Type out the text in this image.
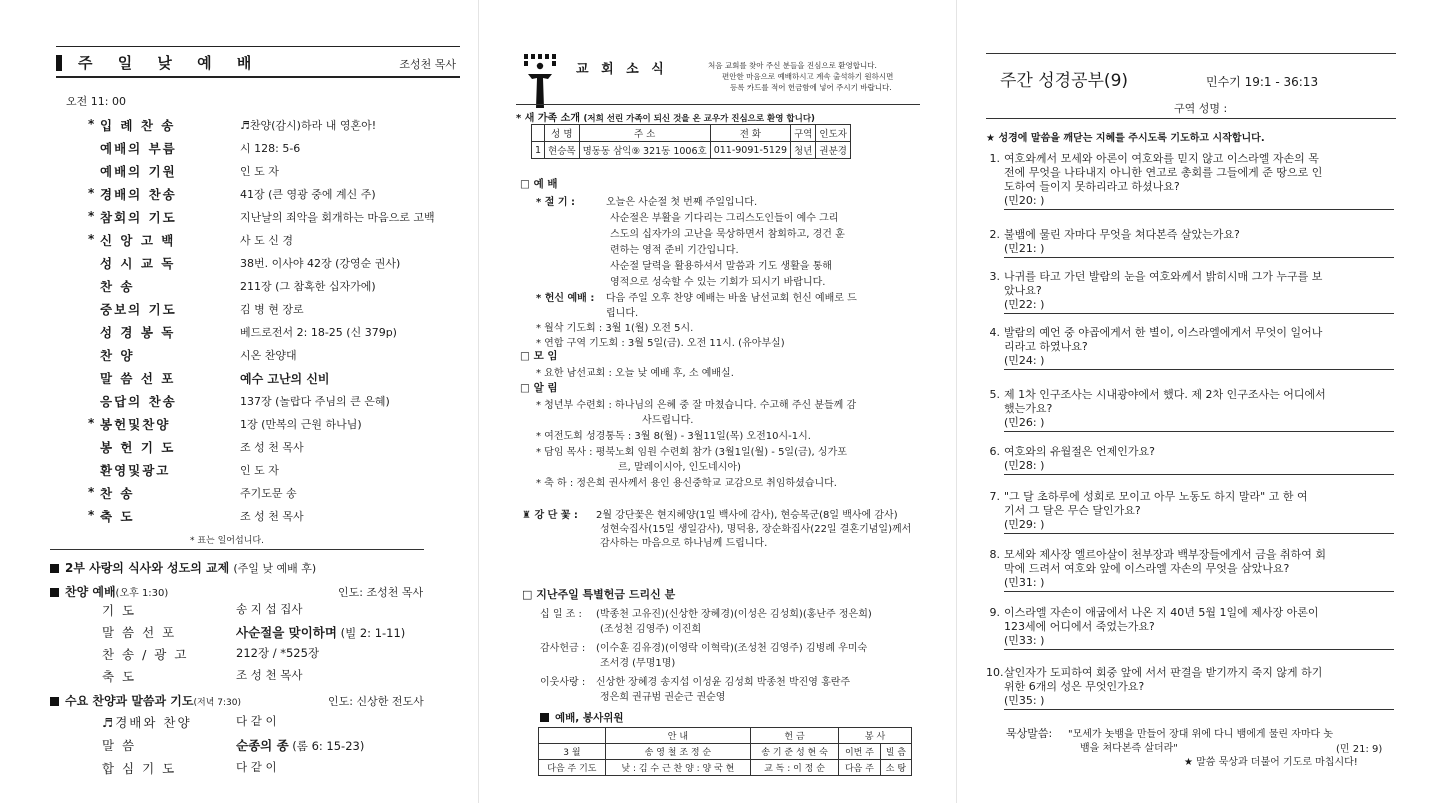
주 일 낮 예 배	조성천 목사
오전 11: 00
* 입 례 찬 송	♬찬양(감시)하라 내 영혼아!
예배의 부름	시 128: 5-6
예배의 기원	인 도 자
* 경배의 찬송	41장 (큰 영광 중에 계신 주)
* 참회의 기도	지난날의 죄악을 회개하는 마음으로 고백
* 신 앙 고 백	사 도 신 경
성 시 교 독	38번. 이사야 42장 (강영순 권사)
찬 송	211장 (그 참혹한 십자가에)
중보의 기도	김 병 현 장로
성 경 봉 독	베드로전서 2: 18-25 (신 379p)
찬 양	시온 찬양대
말 씀 선 포	예수 고난의 신비
응답의 찬송	137장 (놀랍다 주님의 큰 은혜)
* 봉헌및찬양	1장 (만복의 근원 하나님)
봉 헌 기 도	조 성 천 목사
환영및광고	인 도 자
* 찬 송	주기도문 송
* 축 도	조 성 천 목사
* 표는 일어섭니다.
2부 사랑의 식사와 성도의 교제 (주일 낮 예배 후)
찬양 예배(오후 1:30)	인도: 조성천 목사
기 도	송 지 섭 집사
말 씀 선 포	사순절을 맞이하며 (빌 2: 1-11)
찬 송 / 광 고	212장 / *525장
축 도	조 성 천 목사
수요 찬양과 말씀과 기도(저녁 7:30)	인도: 신상한 전도사
♬경배와 찬양	다 같 이
말 씀	순종의 종 (롬 6: 15-23)
합 심 기 도	다 같 이
교 회 소 식	처음 교회를 찾아 주신 분들을 진심으로 환영합니다.
편안한 마음으로 예배하시고 계속 출석하기 원하시면
등록 카드를 적어 헌금함에 넣어 주시기 바랍니다.
* 새 가족 소개 (저희 선린 가족이 되신 것을 온 교우가 진심으로 환영 합니다)
	성 명	주 소	전 화	구역	인도자
1	현승목	명동동 삼익⑨ 321동 1006호	011-9091-5129	청년	권분경
□ 예 배
* 절 기 :	오늘은 사순절 첫 번째 주일입니다.
사순절은 부활을 기다리는 그리스도인들이 예수 그리
스도의 십자가의 고난을 묵상하면서 참회하고, 경건 훈
련하는 영적 준비 기간입니다.
사순절 달력을 활용하셔서 말씀과 기도 생활을 통해
영적으로 성숙할 수 있는 기회가 되시기 바랍니다.
* 헌신 예배 : 다음 주일 오후 찬양 예배는 바울 남선교회 헌신 예배로 드
립니다.
* 월삭 기도회 : 3월 1(월) 오전 5시.
* 연합 구역 기도회 : 3월 5일(금). 오전 11시. (유아부실)
□ 모 임
* 요한 남선교회 : 오늘 낮 예배 후, 소 예배실.
□ 알 림
* 청년부 수련회 : 하나님의 은혜 중 잘 마쳤습니다. 수고해 주신 분들께 감
사드립니다.
* 여전도회 성경통독 : 3월 8(월) - 3월11일(목) 오전10시-1시.
* 담임 목사 : 평북노회 임원 수련회 참가 (3월1일(월) - 5일(금), 싱가포
르, 말레이시아, 인도네시아)
* 축 하 : 정은희 권사께서 용인 용신중학교 교감으로 취임하셨습니다.
♜ 강 단 꽃 : 2월 강단꽃은 현지혜양(1일 백사에 감사), 현승목군(8일 백사에 감사)
성현숙집사(15일 생일감사), 명덕용, 장순화집사(22일 결혼기념일)께서
감사하는 마음으로 하나님께 드립니다.
□ 지난주일 특별헌금 드리신 분
십 일 조 : (박종천 고유진)(신상한 장혜경)(이성은 김성희)(홍난주 정은희)
(조성천 김영주) 이진희
감사헌금 : (이수훈 김유경)(이영락 이혁락)(조성천 김영주) 김병례 우미숙
조서경 (무명1명)
이웃사랑 : 신상한 장혜경 송지섭 이성윤 김성희 박종천 박진영 홍란주
정은희 권규범 권순근 권순영
예배, 봉사위원
	안 내	헌 금	봉 사	
3 월	송 영 철 조 정 순	송 기 준 성 현 숙	이번 주	빌 츰
다음 주 기도	낮 : 김 수 근 찬 양 : 양 국 현	교 독 : 이 정 순	다음 주	소 탕
주간 성경공부(9)	민수기 19:1 - 36:13
구역 성명 :
★ 성경에 말씀을 깨닫는 지혜를 주시도록 기도하고 시작합니다.
1. 여호와께서 모세와 아론이 여호와를 믿지 않고 이스라엘 자손의 목
전에 무엇을 나타내지 아니한 연고로 총회를 그들에게 준 땅으로 인
도하여 들이지 못하리라고 하셨나요?
(민20: )
2. 불뱀에 물린 자마다 무엇을 쳐다본즉 살았는가요?
(민21: )
3. 나귀를 타고 가던 발람의 눈을 여호와께서 밝히시매 그가 누구를 보
았나요?
(민22: )
4. 발람의 예언 중 야곱에게서 한 별이, 이스라엘에게서 무엇이 일어나
리라고 하였나요?
(민24: )
5. 제 1차 인구조사는 시내광야에서 했다. 제 2차 인구조사는 어디에서
했는가요?
(민26: )
6. 여호와의 유월절은 언제인가요?
(민28: )
7. "그 달 초하루에 성회로 모이고 아무 노동도 하지 말라" 고 한 여
기서 그 달은 무슨 달인가요?
(민29: )
8. 모세와 제사장 엘르아살이 천부장과 백부장들에게서 금을 취하여 회
막에 드려서 여호와 앞에 이스라엘 자손의 무엇을 삼았나요?
(민31: )
9. 이스라엘 자손이 애굽에서 나온 지 40년 5월 1일에 제사장 아론이
123세에 어디에서 죽었는가요?
(민33: )
10. 살인자가 도피하여 회중 앞에 서서 판결을 받기까지 죽지 않게 하기
위한 6개의 성은 무엇인가요?
(민35: )
묵상말씀: "모세가 놋뱀을 만들어 장대 위에 다니 뱀에게 물린 자마다 놋
뱀을 쳐다본즉 살더라"	(민 21: 9)
★ 말씀 묵상과 더불어 기도로 마칩시다!
